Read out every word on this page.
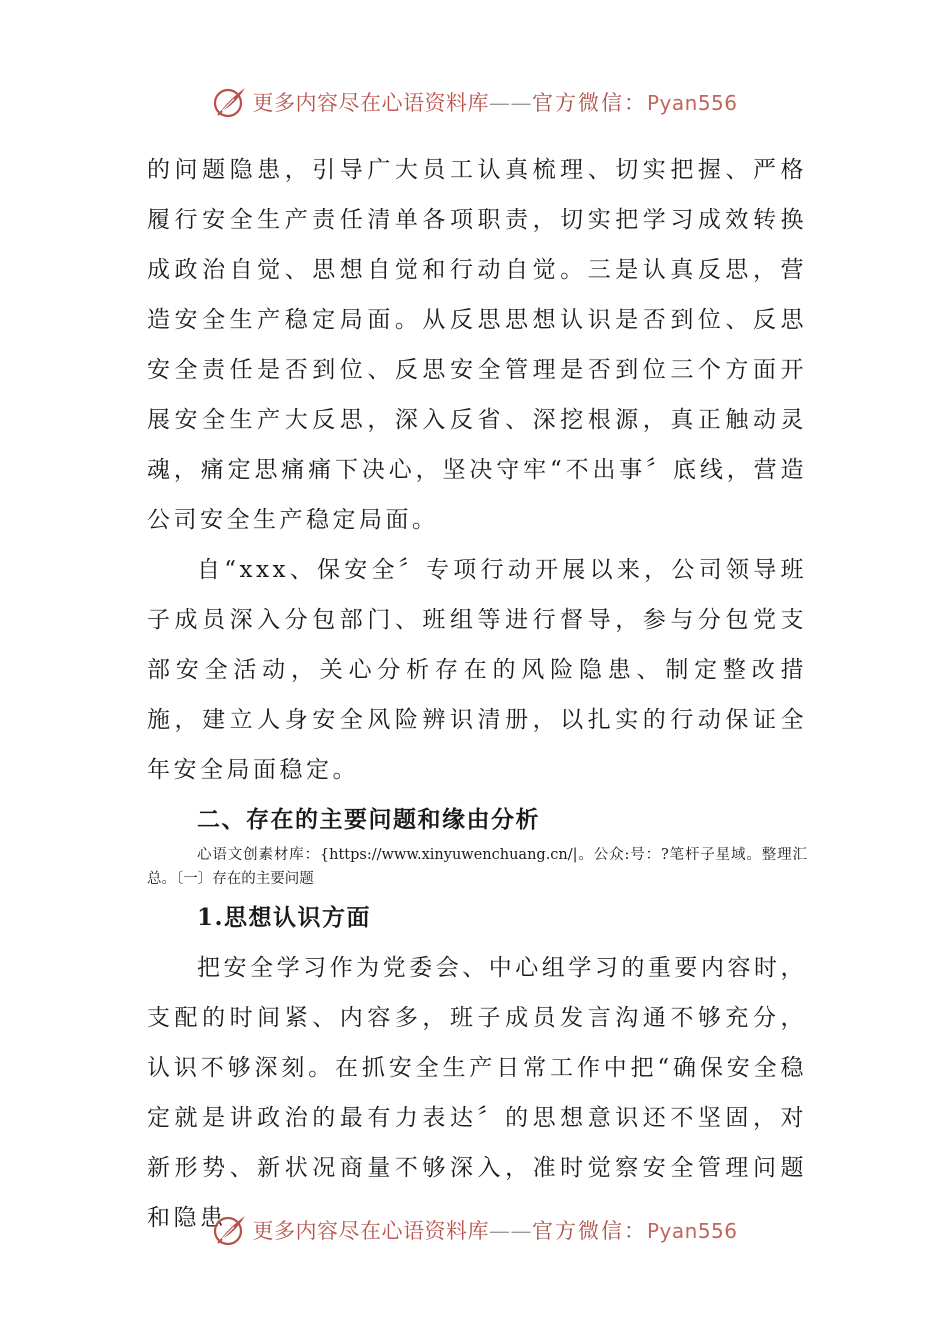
更多内容尽在心语资料库——官方微信：Pyan556

的问题隐患，引导广大员工认真梳理、切实把握、严格履行安全生产责任清单各项职责，切实把学习成效转换成政治自觉、思想自觉和行动自觉。三是认真反思，营造安全生产稳定局面。从反思思想认识是否到位、反思安全责任是否到位、反思安全管理是否到位三个方面开展安全生产大反思，深入反省、深挖根源，真正触动灵魂，痛定思痛痛下决心，坚决守牢“不出事〞底线，营造公司安全生产稳定局面。

自“xxx、保安全〞专项行动开展以来，公司领导班子成员深入分包部门、班组等进行督导，参与分包党支部安全活动，关心分析存在的风险隐患、制定整改措施，建立人身安全风险辨识清册，以扎实的行动保证全年安全局面稳定。

二、存在的主要问题和缘由分析

心语文创素材库：{https://www.xinyuwenchuang.cn/|。公众:号：?笔杆子星域。整理汇总。〔一〕存在的主要问题

1.思想认识方面

把安全学习作为党委会、中心组学习的重要内容时，支配的时间紧、内容多，班子成员发言沟通不够充分，认识不够深刻。在抓安全生产日常工作中把“确保安全稳定就是讲政治的最有力表达〞的思想意识还不坚固，对新形势、新状况商量不够深入，准时觉察安全管理问题和隐患	更多内容尽在心语资料库——官方微信：Pyan556
